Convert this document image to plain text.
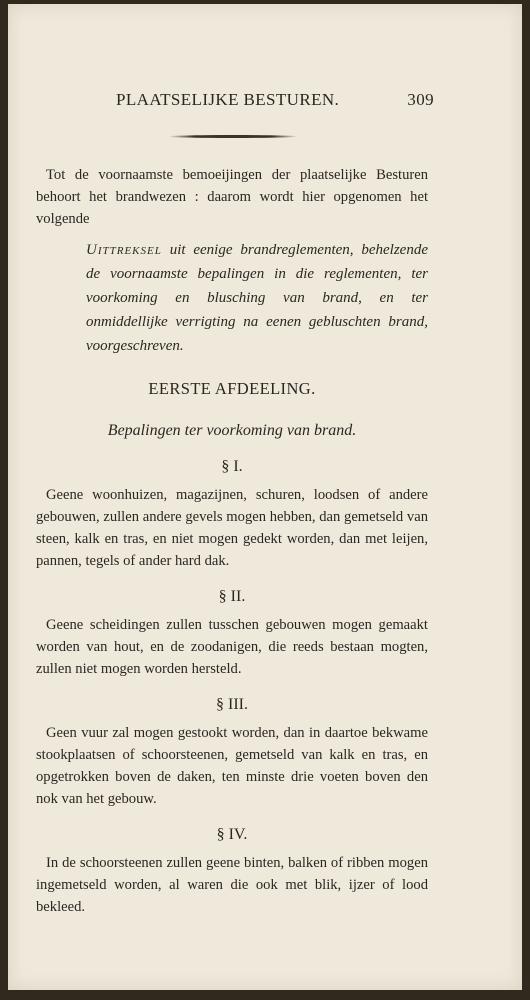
PLAATSELIJKE BESTUREN.	309

Tot de voornaamste bemoeijingen der plaatselijke Besturen behoort het brandwezen : daarom wordt hier opgenomen het volgende

Uittreksel uit eenige brandreglementen, behelzende de voornaamste bepalingen in die reglementen, ter voorkoming en blusching van brand, en ter onmiddellijke verrigting na eenen gebluschten brand, voorgeschreven.

EERSTE AFDEELING.
Bepalingen ter voorkoming van brand.
§ I.

Geene woonhuizen, magazijnen, schuren, loodsen of andere gebouwen, zullen andere gevels mogen hebben, dan gemetseld van steen, kalk en tras, en niet mogen gedekt worden, dan met leijen, pannen, tegels of ander hard dak.

§ II.

Geene scheidingen zullen tusschen gebouwen mogen gemaakt worden van hout, en de zoodanigen, die reeds bestaan mogten, zullen niet mogen worden hersteld.

§ III.

Geen vuur zal mogen gestookt worden, dan in daartoe bekwame stookplaatsen of schoorsteenen, gemetseld van kalk en tras, en opgetrokken boven de daken, ten minste drie voeten boven den nok van het gebouw.

§ IV.

In de schoorsteenen zullen geene binten, balken of ribben mogen ingemetseld worden, al waren die ook met blik, ijzer of lood bekleed.
